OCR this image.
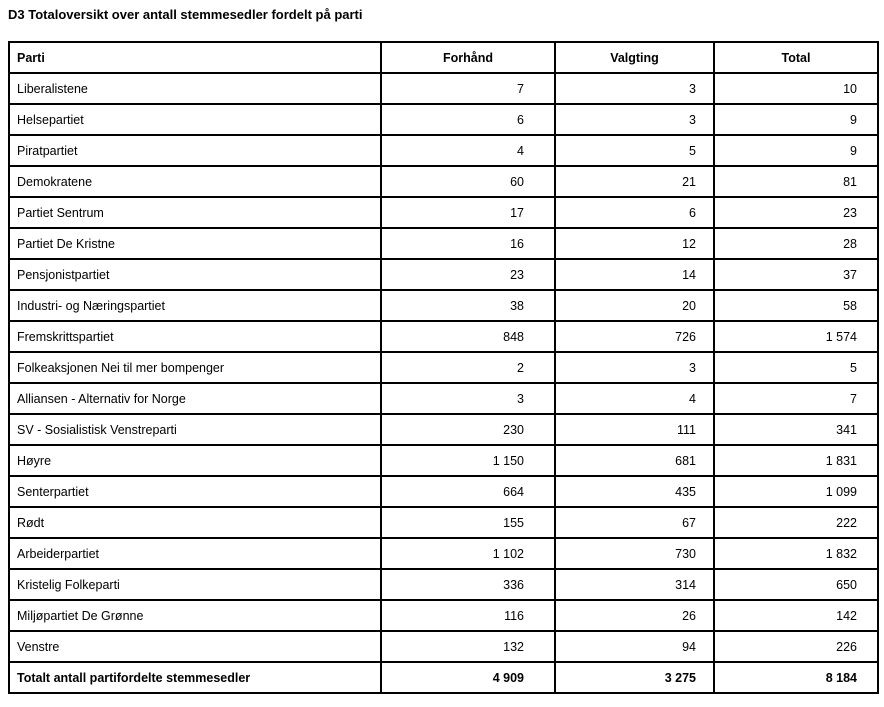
D3 Totaloversikt over antall stemmesedler fordelt på parti
Parti	Forhånd	Valgting	Total
Liberalistene	7	3	10
Helsepartiet	6	3	9
Piratpartiet	4	5	9
Demokratene	60	21	81
Partiet Sentrum	17	6	23
Partiet De Kristne	16	12	28
Pensjonistpartiet	23	14	37
Industri- og Næringspartiet	38	20	58
Fremskrittspartiet	848	726	1 574
Folkeaksjonen Nei til mer bompenger	2	3	5
Alliansen - Alternativ for Norge	3	4	7
SV - Sosialistisk Venstreparti	230	111	341
Høyre	1 150	681	1 831
Senterpartiet	664	435	1 099
Rødt	155	67	222
Arbeiderpartiet	1 102	730	1 832
Kristelig Folkeparti	336	314	650
Miljøpartiet De Grønne	116	26	142
Venstre	132	94	226
Totalt antall partifordelte stemmesedler	4 909	3 275	8 184
